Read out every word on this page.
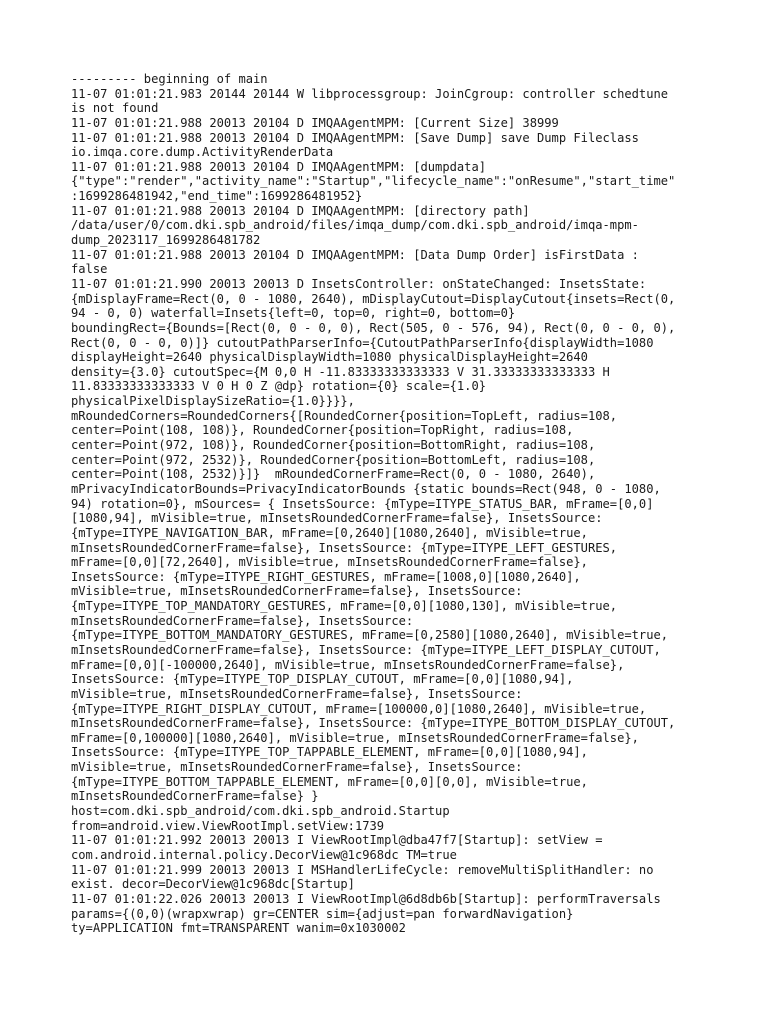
--------- beginning of main
11-07 01:01:21.983 20144 20144 W libprocessgroup: JoinCgroup: controller schedtune
is not found
11-07 01:01:21.988 20013 20104 D IMQAAgentMPM: [Current Size] 38999
11-07 01:01:21.988 20013 20104 D IMQAAgentMPM: [Save Dump] save Dump Fileclass
io.imqa.core.dump.ActivityRenderData
11-07 01:01:21.988 20013 20104 D IMQAAgentMPM: [dumpdata]
{"type":"render","activity_name":"Startup","lifecycle_name":"onResume","start_time"
:1699286481942,"end_time":1699286481952}
11-07 01:01:21.988 20013 20104 D IMQAAgentMPM: [directory path]
/data/user/0/com.dki.spb_android/files/imqa_dump/com.dki.spb_android/imqa-mpm-
dump_2023117_1699286481782
11-07 01:01:21.988 20013 20104 D IMQAAgentMPM: [Data Dump Order] isFirstData :
false
11-07 01:01:21.990 20013 20013 D InsetsController: onStateChanged: InsetsState:
{mDisplayFrame=Rect(0, 0 - 1080, 2640), mDisplayCutout=DisplayCutout{insets=Rect(0,
94 - 0, 0) waterfall=Insets{left=0, top=0, right=0, bottom=0}
boundingRect={Bounds=[Rect(0, 0 - 0, 0), Rect(505, 0 - 576, 94), Rect(0, 0 - 0, 0),
Rect(0, 0 - 0, 0)]} cutoutPathParserInfo={CutoutPathParserInfo{displayWidth=1080
displayHeight=2640 physicalDisplayWidth=1080 physicalDisplayHeight=2640
density={3.0} cutoutSpec={M 0,0 H -11.83333333333333 V 31.33333333333333 H
11.83333333333333 V 0 H 0 Z @dp} rotation={0} scale={1.0}
physicalPixelDisplaySizeRatio={1.0}}}},
mRoundedCorners=RoundedCorners{[RoundedCorner{position=TopLeft, radius=108,
center=Point(108, 108)}, RoundedCorner{position=TopRight, radius=108,
center=Point(972, 108)}, RoundedCorner{position=BottomRight, radius=108,
center=Point(972, 2532)}, RoundedCorner{position=BottomLeft, radius=108,
center=Point(108, 2532)}]}  mRoundedCornerFrame=Rect(0, 0 - 1080, 2640),
mPrivacyIndicatorBounds=PrivacyIndicatorBounds {static bounds=Rect(948, 0 - 1080,
94) rotation=0}, mSources= { InsetsSource: {mType=ITYPE_STATUS_BAR, mFrame=[0,0]
[1080,94], mVisible=true, mInsetsRoundedCornerFrame=false}, InsetsSource:
{mType=ITYPE_NAVIGATION_BAR, mFrame=[0,2640][1080,2640], mVisible=true,
mInsetsRoundedCornerFrame=false}, InsetsSource: {mType=ITYPE_LEFT_GESTURES,
mFrame=[0,0][72,2640], mVisible=true, mInsetsRoundedCornerFrame=false},
InsetsSource: {mType=ITYPE_RIGHT_GESTURES, mFrame=[1008,0][1080,2640],
mVisible=true, mInsetsRoundedCornerFrame=false}, InsetsSource:
{mType=ITYPE_TOP_MANDATORY_GESTURES, mFrame=[0,0][1080,130], mVisible=true,
mInsetsRoundedCornerFrame=false}, InsetsSource:
{mType=ITYPE_BOTTOM_MANDATORY_GESTURES, mFrame=[0,2580][1080,2640], mVisible=true,
mInsetsRoundedCornerFrame=false}, InsetsSource: {mType=ITYPE_LEFT_DISPLAY_CUTOUT,
mFrame=[0,0][-100000,2640], mVisible=true, mInsetsRoundedCornerFrame=false},
InsetsSource: {mType=ITYPE_TOP_DISPLAY_CUTOUT, mFrame=[0,0][1080,94],
mVisible=true, mInsetsRoundedCornerFrame=false}, InsetsSource:
{mType=ITYPE_RIGHT_DISPLAY_CUTOUT, mFrame=[100000,0][1080,2640], mVisible=true,
mInsetsRoundedCornerFrame=false}, InsetsSource: {mType=ITYPE_BOTTOM_DISPLAY_CUTOUT,
mFrame=[0,100000][1080,2640], mVisible=true, mInsetsRoundedCornerFrame=false},
InsetsSource: {mType=ITYPE_TOP_TAPPABLE_ELEMENT, mFrame=[0,0][1080,94],
mVisible=true, mInsetsRoundedCornerFrame=false}, InsetsSource:
{mType=ITYPE_BOTTOM_TAPPABLE_ELEMENT, mFrame=[0,0][0,0], mVisible=true,
mInsetsRoundedCornerFrame=false} }
host=com.dki.spb_android/com.dki.spb_android.Startup
from=android.view.ViewRootImpl.setView:1739
11-07 01:01:21.992 20013 20013 I ViewRootImpl@dba47f7[Startup]: setView =
com.android.internal.policy.DecorView@1c968dc TM=true
11-07 01:01:21.999 20013 20013 I MSHandlerLifeCycle: removeMultiSplitHandler: no
exist. decor=DecorView@1c968dc[Startup]
11-07 01:01:22.026 20013 20013 I ViewRootImpl@6d8db6b[Startup]: performTraversals
params={(0,0)(wrapxwrap) gr=CENTER sim={adjust=pan forwardNavigation}
ty=APPLICATION fmt=TRANSPARENT wanim=0x1030002
